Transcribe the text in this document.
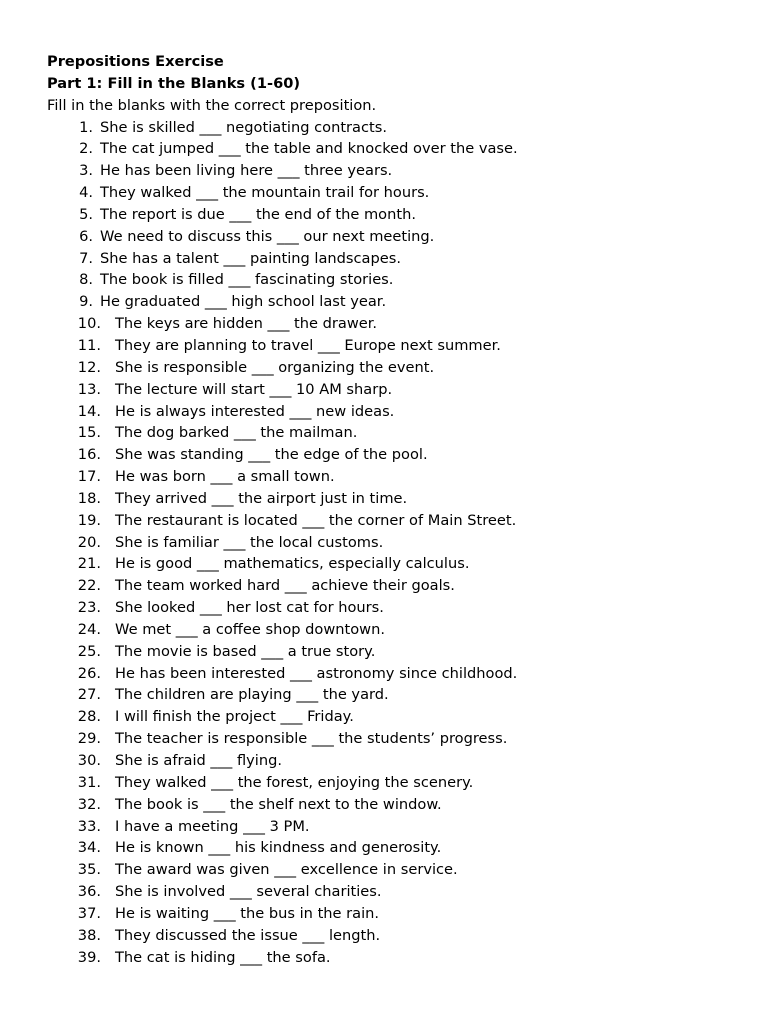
Prepositions Exercise
Part 1: Fill in the Blanks (1-60)
Fill in the blanks with the correct preposition.
1. She is skilled ___ negotiating contracts.
2. The cat jumped ___ the table and knocked over the vase.
3. He has been living here ___ three years.
4. They walked ___ the mountain trail for hours.
5. The report is due ___ the end of the month.
6. We need to discuss this ___ our next meeting.
7. She has a talent ___ painting landscapes.
8. The book is filled ___ fascinating stories.
9. He graduated ___ high school last year.
10. The keys are hidden ___ the drawer.
11. They are planning to travel ___ Europe next summer.
12. She is responsible ___ organizing the event.
13. The lecture will start ___ 10 AM sharp.
14. He is always interested ___ new ideas.
15. The dog barked ___ the mailman.
16. She was standing ___ the edge of the pool.
17. He was born ___ a small town.
18. They arrived ___ the airport just in time.
19. The restaurant is located ___ the corner of Main Street.
20. She is familiar ___ the local customs.
21. He is good ___ mathematics, especially calculus.
22. The team worked hard ___ achieve their goals.
23. She looked ___ her lost cat for hours.
24. We met ___ a coffee shop downtown.
25. The movie is based ___ a true story.
26. He has been interested ___ astronomy since childhood.
27. The children are playing ___ the yard.
28. I will finish the project ___ Friday.
29. The teacher is responsible ___ the students’ progress.
30. She is afraid ___ flying.
31. They walked ___ the forest, enjoying the scenery.
32. The book is ___ the shelf next to the window.
33. I have a meeting ___ 3 PM.
34. He is known ___ his kindness and generosity.
35. The award was given ___ excellence in service.
36. She is involved ___ several charities.
37. He is waiting ___ the bus in the rain.
38. They discussed the issue ___ length.
39. The cat is hiding ___ the sofa.
